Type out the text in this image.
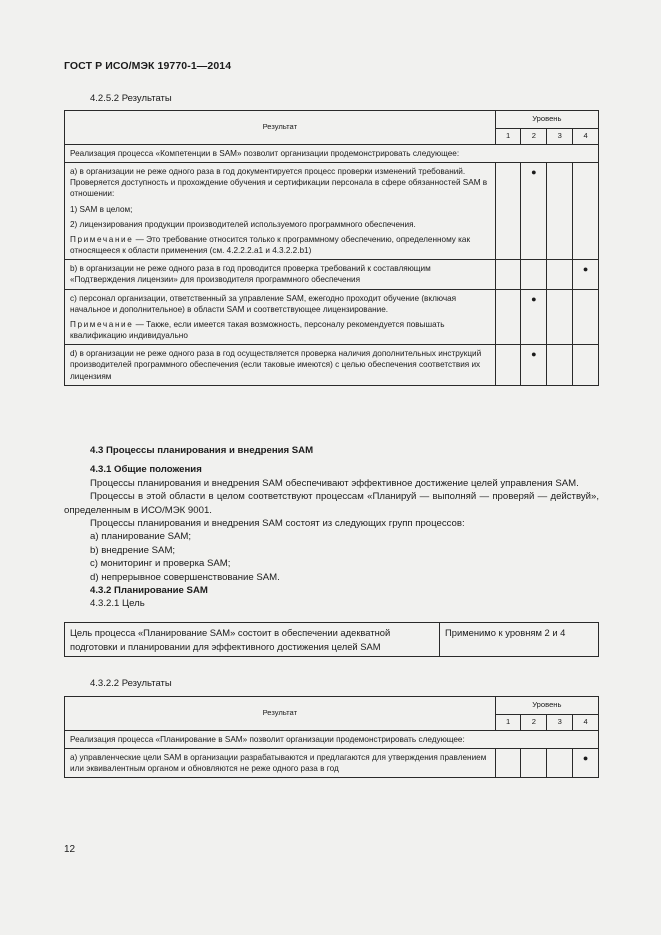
ГОСТ Р ИСО/МЭК 19770-1—2014
4.2.5.2 Результаты
Результат	Уровень			
	1	2	3	4
Реализация процесса «Компетенции в SAM» позволит организации продемонстрировать следующее:				

а) в организации не реже одного раза в год документируется процесс проверки изменений требований. Проверяется доступность и прохождение обучения и сертификации персонала в сфере обязанностей SAM в отношении:
1) SAM в целом;
2) лицензирования продукции производителей используемого программного обеспечения.
Примечание — Это требование относится только к программному обеспечению, определенному как относящееся к области применения (см. 4.2.2.2.а1 и 4.3.2.2.b1)		●		

b) в организации не реже одного раза в год проводится проверка требований к составляющим «Подтверждения лицензии» для производителя программного обеспечения				●

с) персонал организации, ответственный за управление SAM, ежегодно проходит обучение (включая начальное и дополнительное) в области SAM и соответствующее лицензирование.
Примечание — Также, если имеется такая возможность, персоналу рекомендуется повышать квалификацию индивидуально		●		

d) в организации не реже одного раза в год осуществляется проверка наличия дополнительных инструкций производителей программного обеспечения (если таковые имеются) с целью обеспечения соответствия их лицензиям		●		
4.3 Процессы планирования и внедрения SAM
4.3.1 Общие положения
Процессы планирования и внедрения SAM обеспечивают эффективное достижение целей управления SAM.
Процессы в этой области в целом соответствуют процессам «Планируй — выполняй — проверяй — действуй», определенным в ИСО/МЭК 9001.
Процессы планирования и внедрения SAM состоят из следующих групп процессов:
а) планирование SAM;
b) внедрение SAM;
с) мониторинг и проверка SAM;
d) непрерывное совершенствование SAM.
4.3.2 Планирование SAM
4.3.2.1 Цель
Цель процесса «Планирование SAM» состоит в обеспечении адекватной подготовки и планировании для эффективного достижения целей SAM	Применимо к уровням 2 и 4
4.3.2.2 Результаты
Результат	Уровень			
	1	2	3	4
Реализация процесса «Планирование в SAM» позволит организации продемонстрировать следующее:				

а) управленческие цели SAM в организации разрабатываются и предлагаются для утверждения правлением или эквивалентным органом и обновляются не реже одного раза в год				●
12
